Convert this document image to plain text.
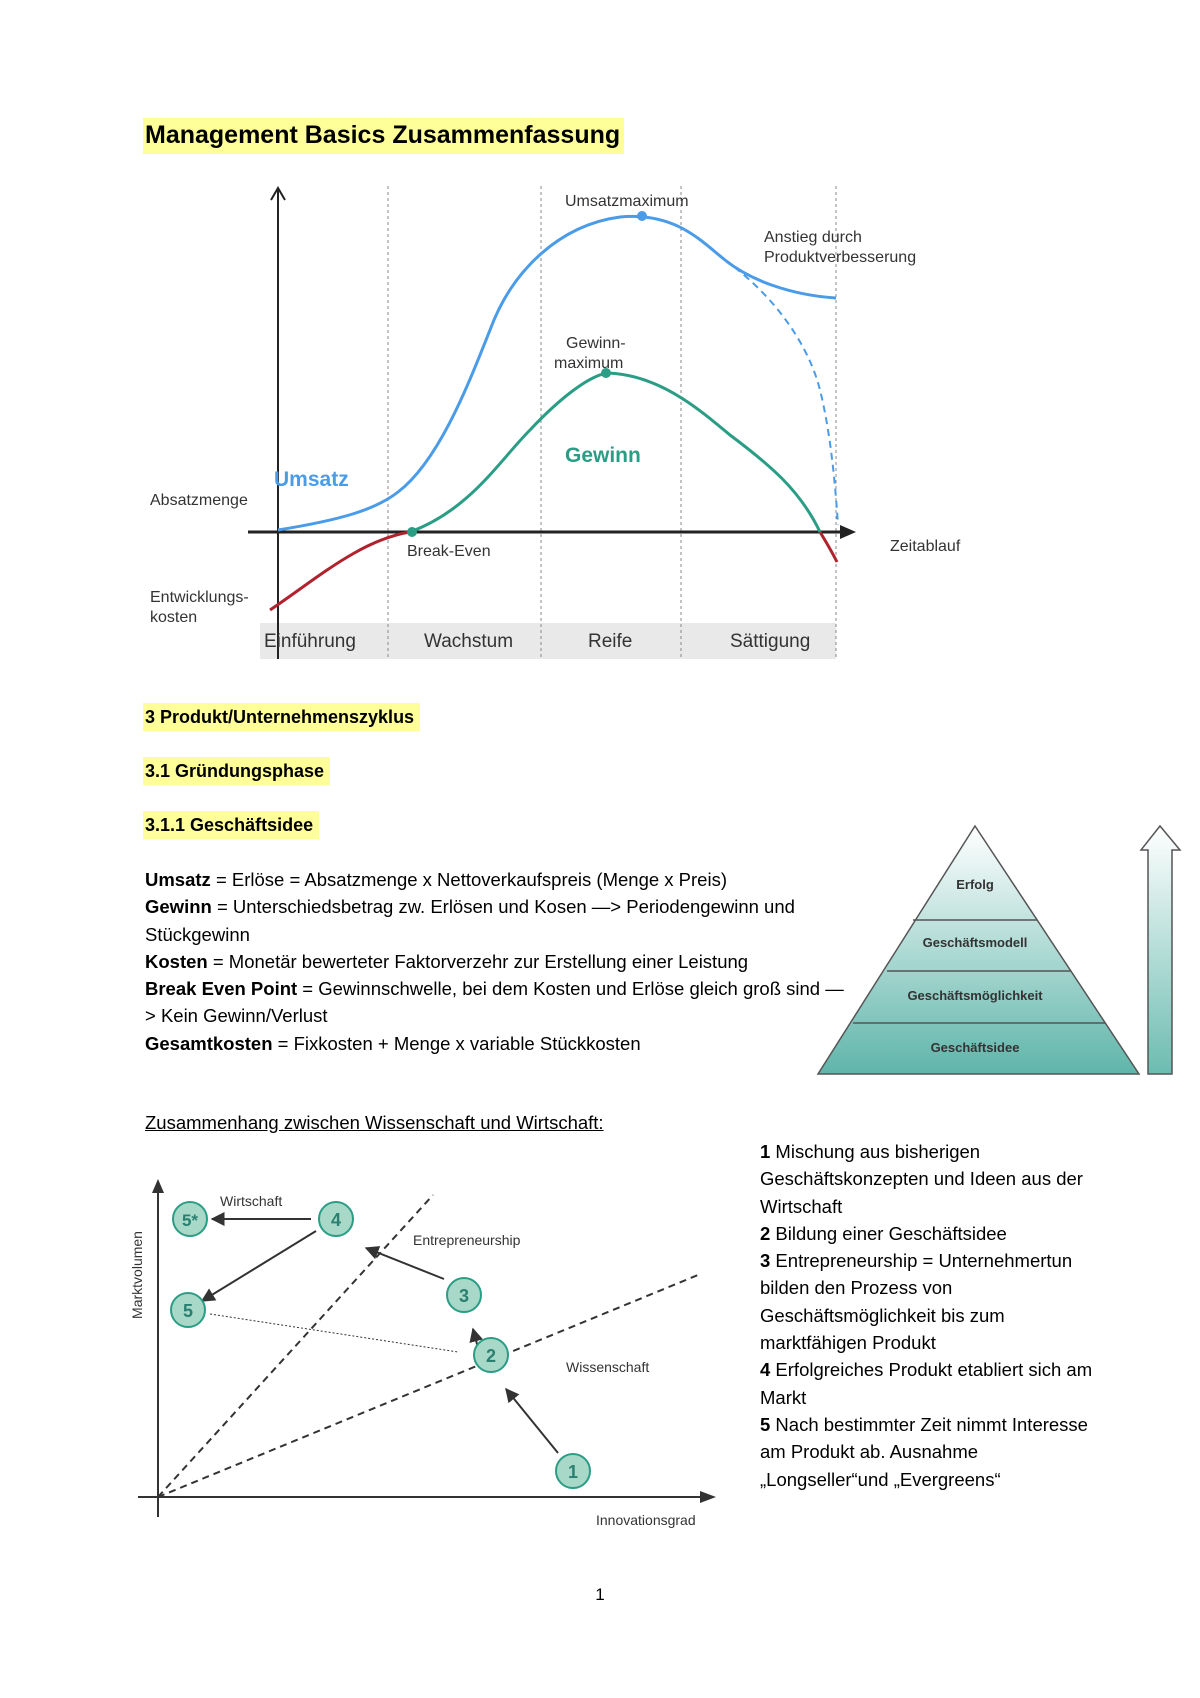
Management Basics Zusammenfassung
Absatzmenge
Entwicklungs-
kosten
Umsatz
Gewinn
Umsatzmaximum
Gewinn-
maximum
Anstieg durch
Produktverbesserung
Break-Even	Zeitablauf
Einführung	Wachstum	Reife	Sättigung
3 Produkt/Unternehmenszyklus
3.1 Gründungsphase
3.1.1 Geschäftsidee
Umsatz = Erlöse = Absatzmenge x Nettoverkaufspreis (Menge x Preis)
Gewinn = Unterschiedsbetrag zw. Erlösen und Kosen —> Periodengewinn und Stückgewinn
Kosten = Monetär bewerteter Faktorverzehr zur Erstellung einer Leistung
Break Even Point = Gewinnschwelle, bei dem Kosten und Erlöse gleich groß sind —> Kein Gewinn/Verlust
Gesamtkosten = Fixkosten + Menge x variable Stückkosten
Erfolg
Geschäftsmodell
Geschäftsmöglichkeit
Geschäftsidee
Zusammenhang zwischen Wissenschaft und Wirtschaft:
Marktvolumen
Innovationsgrad
Wirtschaft
Entrepreneurship
Wissenschaft
1
2
3
4
5
5*
1 Mischung aus bisherigen Geschäftskonzepten und Ideen aus der Wirtschaft
2 Bildung einer Geschäftsidee
3 Entrepreneurship = Unternehmertun bilden den Prozess von Geschäftsmöglichkeit bis zum marktfähigen Produkt
4 Erfolgreiches Produkt etabliert sich am Markt
5 Nach bestimmter Zeit nimmt Interesse am Produkt ab. Ausnahme „Longseller“und „Evergreens“
1
